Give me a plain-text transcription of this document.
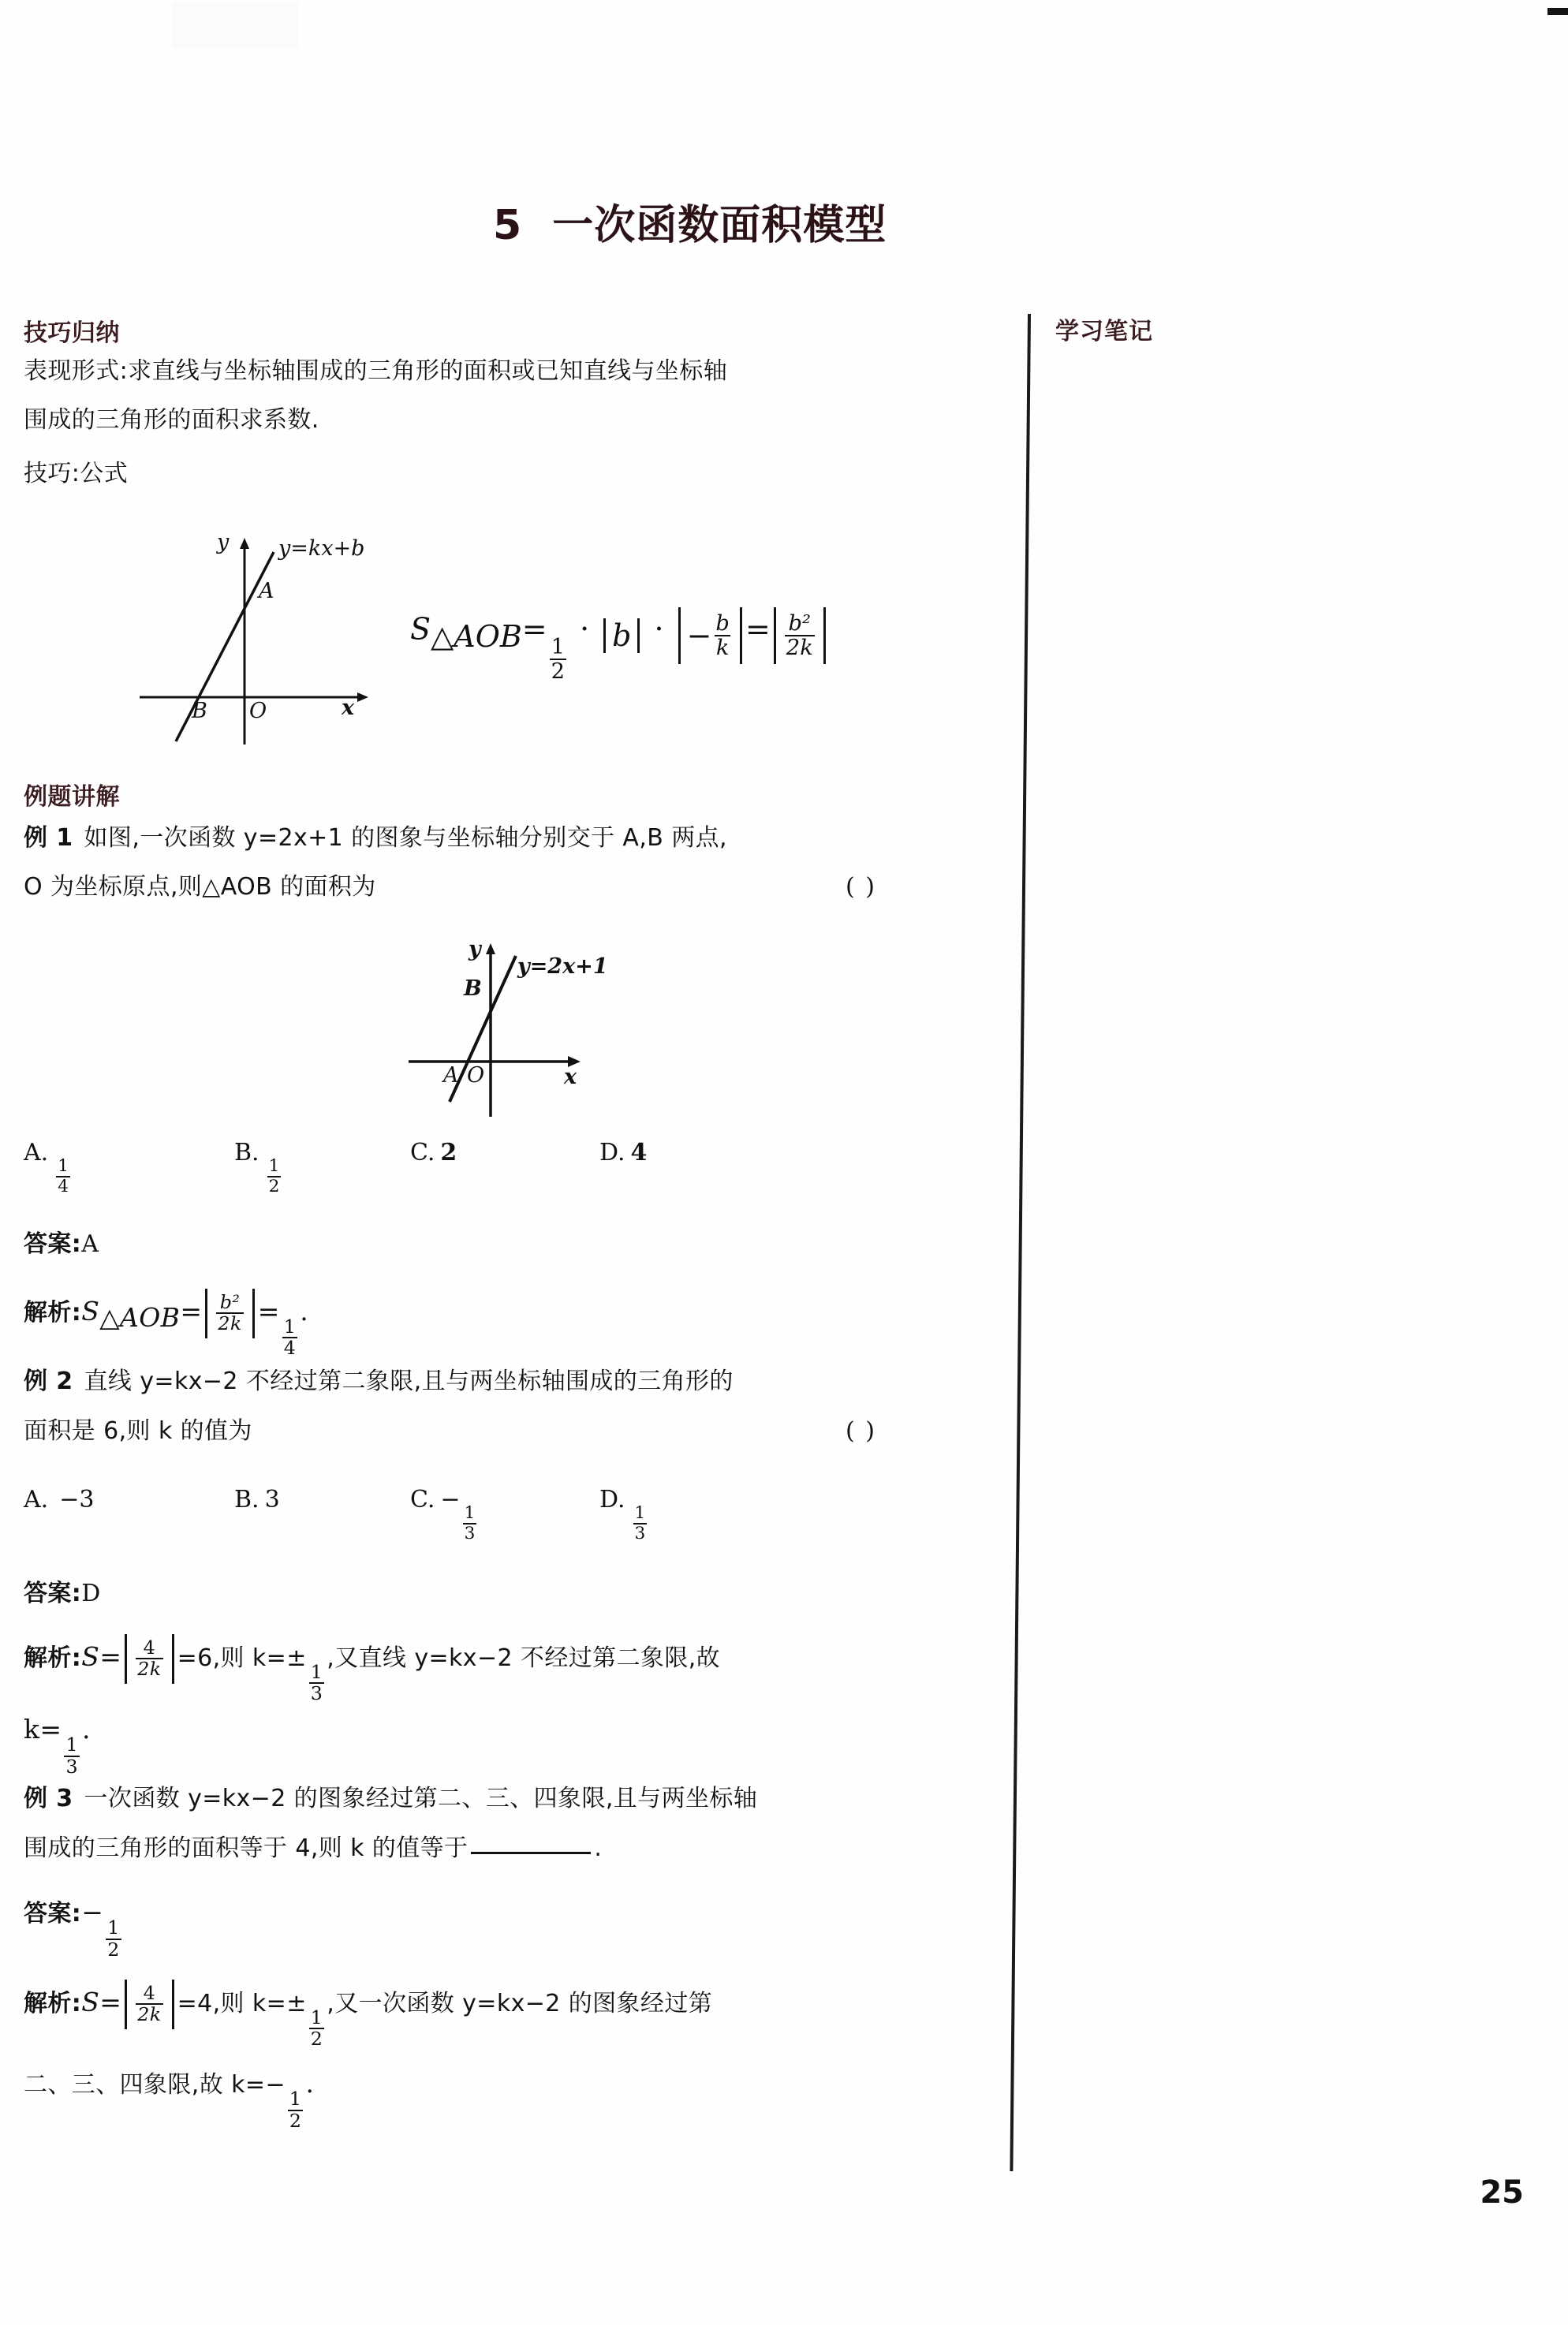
5 一次函数面积模型
学习笔记
技巧归纳
表现形式:求直线与坐标轴围成的三角形的面积或已知直线与坐标轴
围成的三角形的面积求系数.
技巧:公式
y
x
O
A
B
y=kx+b
S△AOB=
$\frac{1}{2}$
· b · − $\frac{b}{k} = \frac{\text{b²}}{2k}$
例题讲解
例 1 如图,一次函数 y=2x+1 的图象与坐标轴分别交于 A,B 两点,
O 为坐标原点,则△AOB 的面积为	( )
y
x
O
A
B
y=2x+1
A.
$\frac{1}{4}$
B.
$\frac{1}{2}$
C. 2	D. 4
答案:A
解析:S△AOB= $\frac{\text{b²}}{2k}$ =
$\frac{1}{4}$
.
例 2 直线 y=kx−2 不经过第二象限,且与两坐标轴围成的三角形的
面积是 6,则 k 的值为	( )
A. −3	B. 3	C. −
$\frac{1}{3}$
D.
$\frac{1}{3}$
答案:D
解析:S= $\frac{4}{2k} =6$,则 k=±
$\frac{1}{3}$
,又直线 y=kx−2 不经过第二象限,故
k=
$\frac{1}{3}$
.
例 3 一次函数 y=kx−2 的图象经过第二、三、四象限,且与两坐标轴
围成的三角形的面积等于 4,则 k 的值等于	.
答案:−
$\frac{1}{2}$
解析:S= $\frac{4}{2k} =4$,则 k=±
$\frac{1}{2}$
,又一次函数 y=kx−2 的图象经过第
二、三、四象限,故 k=−
$\frac{1}{2}$
.
25
